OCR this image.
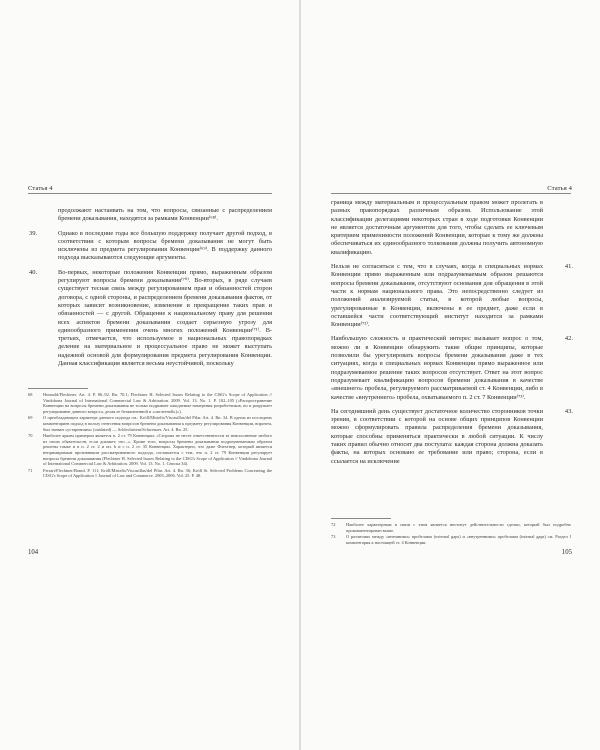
Статья 4

продолжают настаивать на том, что вопросы, связанные с распределением бремени доказывания, находятся за рамками Конвенции⁽⁶⁸⁾.

39.	Однако в последние годы все большую поддержку получает другой подход, в соответствии с которым вопросы бремени доказывания не могут быть исключены из предмета регулирования Конвенции⁽⁶⁹⁾. В поддержку данного подхода высказываются следующие аргументы.

40.	Во-первых, некоторые положения Конвенции прямо, выраженным образом регулируют вопросы бремени доказывания⁽⁷⁰⁾. Во-вторых, в ряде случаев существует тесная связь между регулированием прав и обязанностей сторон договора, с одной стороны, и распределением бремени доказывания фактов, от которых зависит возникновение, изменение и прекращение таких прав и обязанностей — с другой. Обращение к национальному праву для решения всех аспектов бремени доказывания создает серьезную угрозу для единообразного применения очень многих положений Конвенции⁽⁷¹⁾. В-третьих, отмечается, что используемое в национальных правопорядках деление на материальное и процессуальное право не может выступать надежной основой для формулирования предмета регулирования Конвенции. Данная классификация является весьма неустойчивой, поскольку

68 Honnold/Flechtner. Art. 4. P. 86–92. Rn. 70.1; Flechtner H. Selected Issues Relating to the CISG's Scope of Application // Vindobona Journal of International Commercial Law & Arbitration. 2009. Vol. 13. No. 1. P. 102–105 («Распространение Конвенции на вопросы бремени доказывания не только подрывает ожидаемые намерения разработчиков, но и разрушает регулирование данного вопроса, делая ее безжизненной и «скелетной»)»).

69 О преобладающем характере данного подхода см.: Kröll/Mistelis/Viscasillas/del Pilar. Art. 4. Rn. 34. В одном из последних комментариев подход в пользу отнесения вопросов бремени доказывания к предмету регулирования Конвенции, впрочем, был назван «устаревшим» (outdated) — Schlechtriem/Schwenzer. Art. 4. Rn. 25.

70 Наиболее ярким примером является п. 2 ст. 79 Конвенции: «Сторона не несет ответственности за неисполнение любого из своих обязательств, если докажет, что...». Кроме того, вопросы бремени доказывания подразумеваемым образом решены также и в п. 2 ст. 2 и пп. b и c п. 2 ст. 35 Конвенции. Характерно, что даже Флехтнер, который является непримиримым противником рассматриваемого подхода, соглашается с тем, что п. 2 ст. 79 Конвенции регулирует вопросы бремени доказывания (Flechtner H. Selected Issues Relating to the CISG's Scope of Application // Vindobona Journal of International Commercial Law & Arbitration. 2009. Vol. 13. No. 1. Сноска 34).

71 Ferrari/Flechtner/Brand. P. 111; Kröll/Mistelis/Viscasillas/del Pilar. Art. 4. Rn. 36; Kröll St. Selected Problems Concerning the CISG's Scope of Application // Journal of Law and Commerce. 2005–2006. Vol. 25. P. 48.

104
Статья 4

граница между материальным и процессуальным правом может пролегать в разных правопорядках различным образом. Использование этой классификации делегациями некоторых стран в ходе подготовки Конвенции не является достаточным аргументом для того, чтобы сделать ее ключевым критерием применимости положений Конвенции, которые к тому же должны обеспечиваться их единообразного толкования должны получить автономную квалификацию.

41.
Нельзя не согласиться с тем, что в случаях, когда в специальных нормах Конвенции прямо выраженным или подразумеваемым образом решаются вопросы бремени доказывания, отсутствуют основания для обращения в этой части к нормам национального права. Это непосредственно следует из положений анализируемой статьи, в которой любые вопросы, урегулированные в Конвенции, включены в ее предмет, даже если в оставшейся части соответствующий институт находится за рамками Конвенции⁽⁷²⁾.

42.
Наибольшую сложность и практический интерес вызывает вопрос о том, можно ли в Конвенции обнаружить такие общие принципы, которые позволили бы урегулировать вопросы бремени доказывания даже в тех ситуациях, когда в специальных нормах Конвенции прямо выраженное или подразумеваемое решение таких вопросов отсутствует. Ответ на этот вопрос подразумевает квалификацию вопросов бремени доказывания в качестве «внешнего» пробела, регулируемого рассматриваемой ст. 4 Конвенции, либо в качестве «внутреннего» пробела, охватываемого п. 2 ст. 7 Конвенции⁽⁷³⁾.

43.
На сегодняшний день существует достаточное количество сторонников точки зрения, в соответствии с которой на основе общих принципов Конвенции можно сформулировать правила распределения бремени доказывания, которые способны применяться практически в любой ситуации. К числу таких правил обычно относят два постулата: каждая сторона должна доказать факты, на которых основано ее требование или право; сторона, если в ссылается на исключение

72 Наиболее характерным в связи с этим является институт действительности сделки, который был подробно прокомментирован выше.

73 О различиях между «внешними» пробелами (external gaps) и «внутренними» пробелами (internal gaps) см. Раздел I комментария к настоящей ст. 4 Конвенции.

105
